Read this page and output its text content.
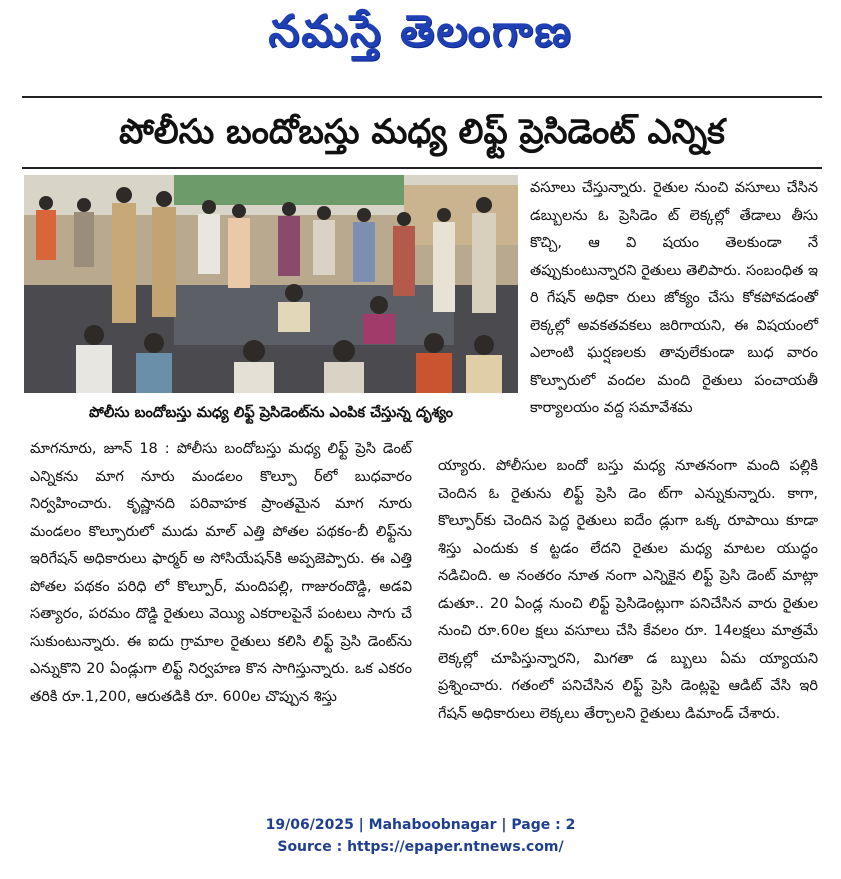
నమస్తే తెలంగాణ
పోలీసు బందోబస్తు మధ్య లిఫ్ట్ ప్రెసిడెంట్ ఎన్నిక
పోలీసు బందోబస్తు మధ్య లిఫ్ట్ ప్రెసిడెంట్‌ను ఎంపిక చేస్తున్న దృశ్యం

మాగనూరు, జూన్ 18 : పోలీసు బందోబస్తు మధ్య లిఫ్ట్ ప్రెసి డెంట్ ఎన్నికను మాగ నూరు మండలం కొల్పూ ర్‌లో బుధవారం నిర్వహించారు. కృష్ణానది పరివాహక ప్రాంతమైన మాగ నూరు మండలం కొల్పూరులో ముడు మాల్ ఎత్తి పోతల పథకం-బీ లిఫ్ట్‌ను ఇరిగేషన్ అధికారులు ఫార్మర్ అ సోసియేషన్‌కి అప్పజెప్పారు. ఈ ఎత్తి పోతల పథకం పరిధి లో కొల్పూర్, మందిపల్లి, గాజురందొడ్డి, అడవి సత్యారం, పరమం దొడ్డి రైతులు వెయ్యి ఎకరాలపైనే పంటలు సాగు చే సుకుంటున్నారు. ఈ ఐదు గ్రామాల రైతులు కలిసి లిఫ్ట్ ప్రెసి డెంట్‌ను ఎన్నుకొని 20 ఏండ్లుగా లిఫ్ట్ నిర్వహణ కొన సాగిస్తున్నారు. ఒక ఎకరం తరికి రూ.1,200, ఆరుతడికి రూ. 600ల చొప్పున శిస్తు

వసూలు చేస్తున్నారు. రైతుల నుంచి వసూలు చేసిన డబ్బులను ఓ ప్రెసిడెం ట్ లెక్కల్లో తేడాలు తీసు కొచ్చి, ఆ వి షయం తెలకుండా నే తప్పుకుంటున్నారని రైతులు తెలిపారు. సంబంధిత ఇ రి గేషన్ అధికా రులు జోక్యం చేసు కోకపోవడంతో లెక్కల్లో అవకతవకలు జరిగాయని, ఈ విషయంలో ఎలాంటి ఘర్షణలకు తావులేకుండా బుధ వారం కొల్పూరులో వందల మంది రైతులు పంచాయతీ కార్యాలయం వద్ద సమావేశమ

య్యారు. పోలీసుల బందో బస్తు మధ్య నూతనంగా మంది పల్లికి చెందిన ఓ రైతును లిఫ్ట్ ప్రెసి డెం ట్‌గా ఎన్నుకున్నారు. కాగా, కొల్పూర్‌కు చెందిన పెద్ద రైతులు ఐదేం డ్లుగా ఒక్క రూపాయి కూడా శిస్తు ఎందుకు క ట్టడం లేదని రైతుల మధ్య మాటల యుద్ధం నడిచింది. అ నంతరం నూత నంగా ఎన్నికైన లిఫ్ట్ ప్రెసి డెంట్ మాట్లా డుతూ.. 20 ఏండ్ల నుంచి లిఫ్ట్ ప్రెసిడెంట్లుగా పనిచేసిన వారు రైతుల నుంచి రూ.60ల క్షలు వసూలు చేసి కేవలం రూ. 14లక్షలు మాత్రమే లెక్కల్లో చూపిస్తున్నారని, మిగతా డ బ్బులు ఏమ య్యాయని ప్రశ్నించారు. గతంలో పనిచేసిన లిఫ్ట్ ప్రెసి డెంట్లపై ఆడిట్ వేసి ఇరి గేషన్ అధికారులు లెక్కలు తేర్చాలని రైతులు డిమాండ్ చేశారు.

19/06/2025 | Mahaboobnagar | Page : 2
Source : https://epaper.ntnews.com/
